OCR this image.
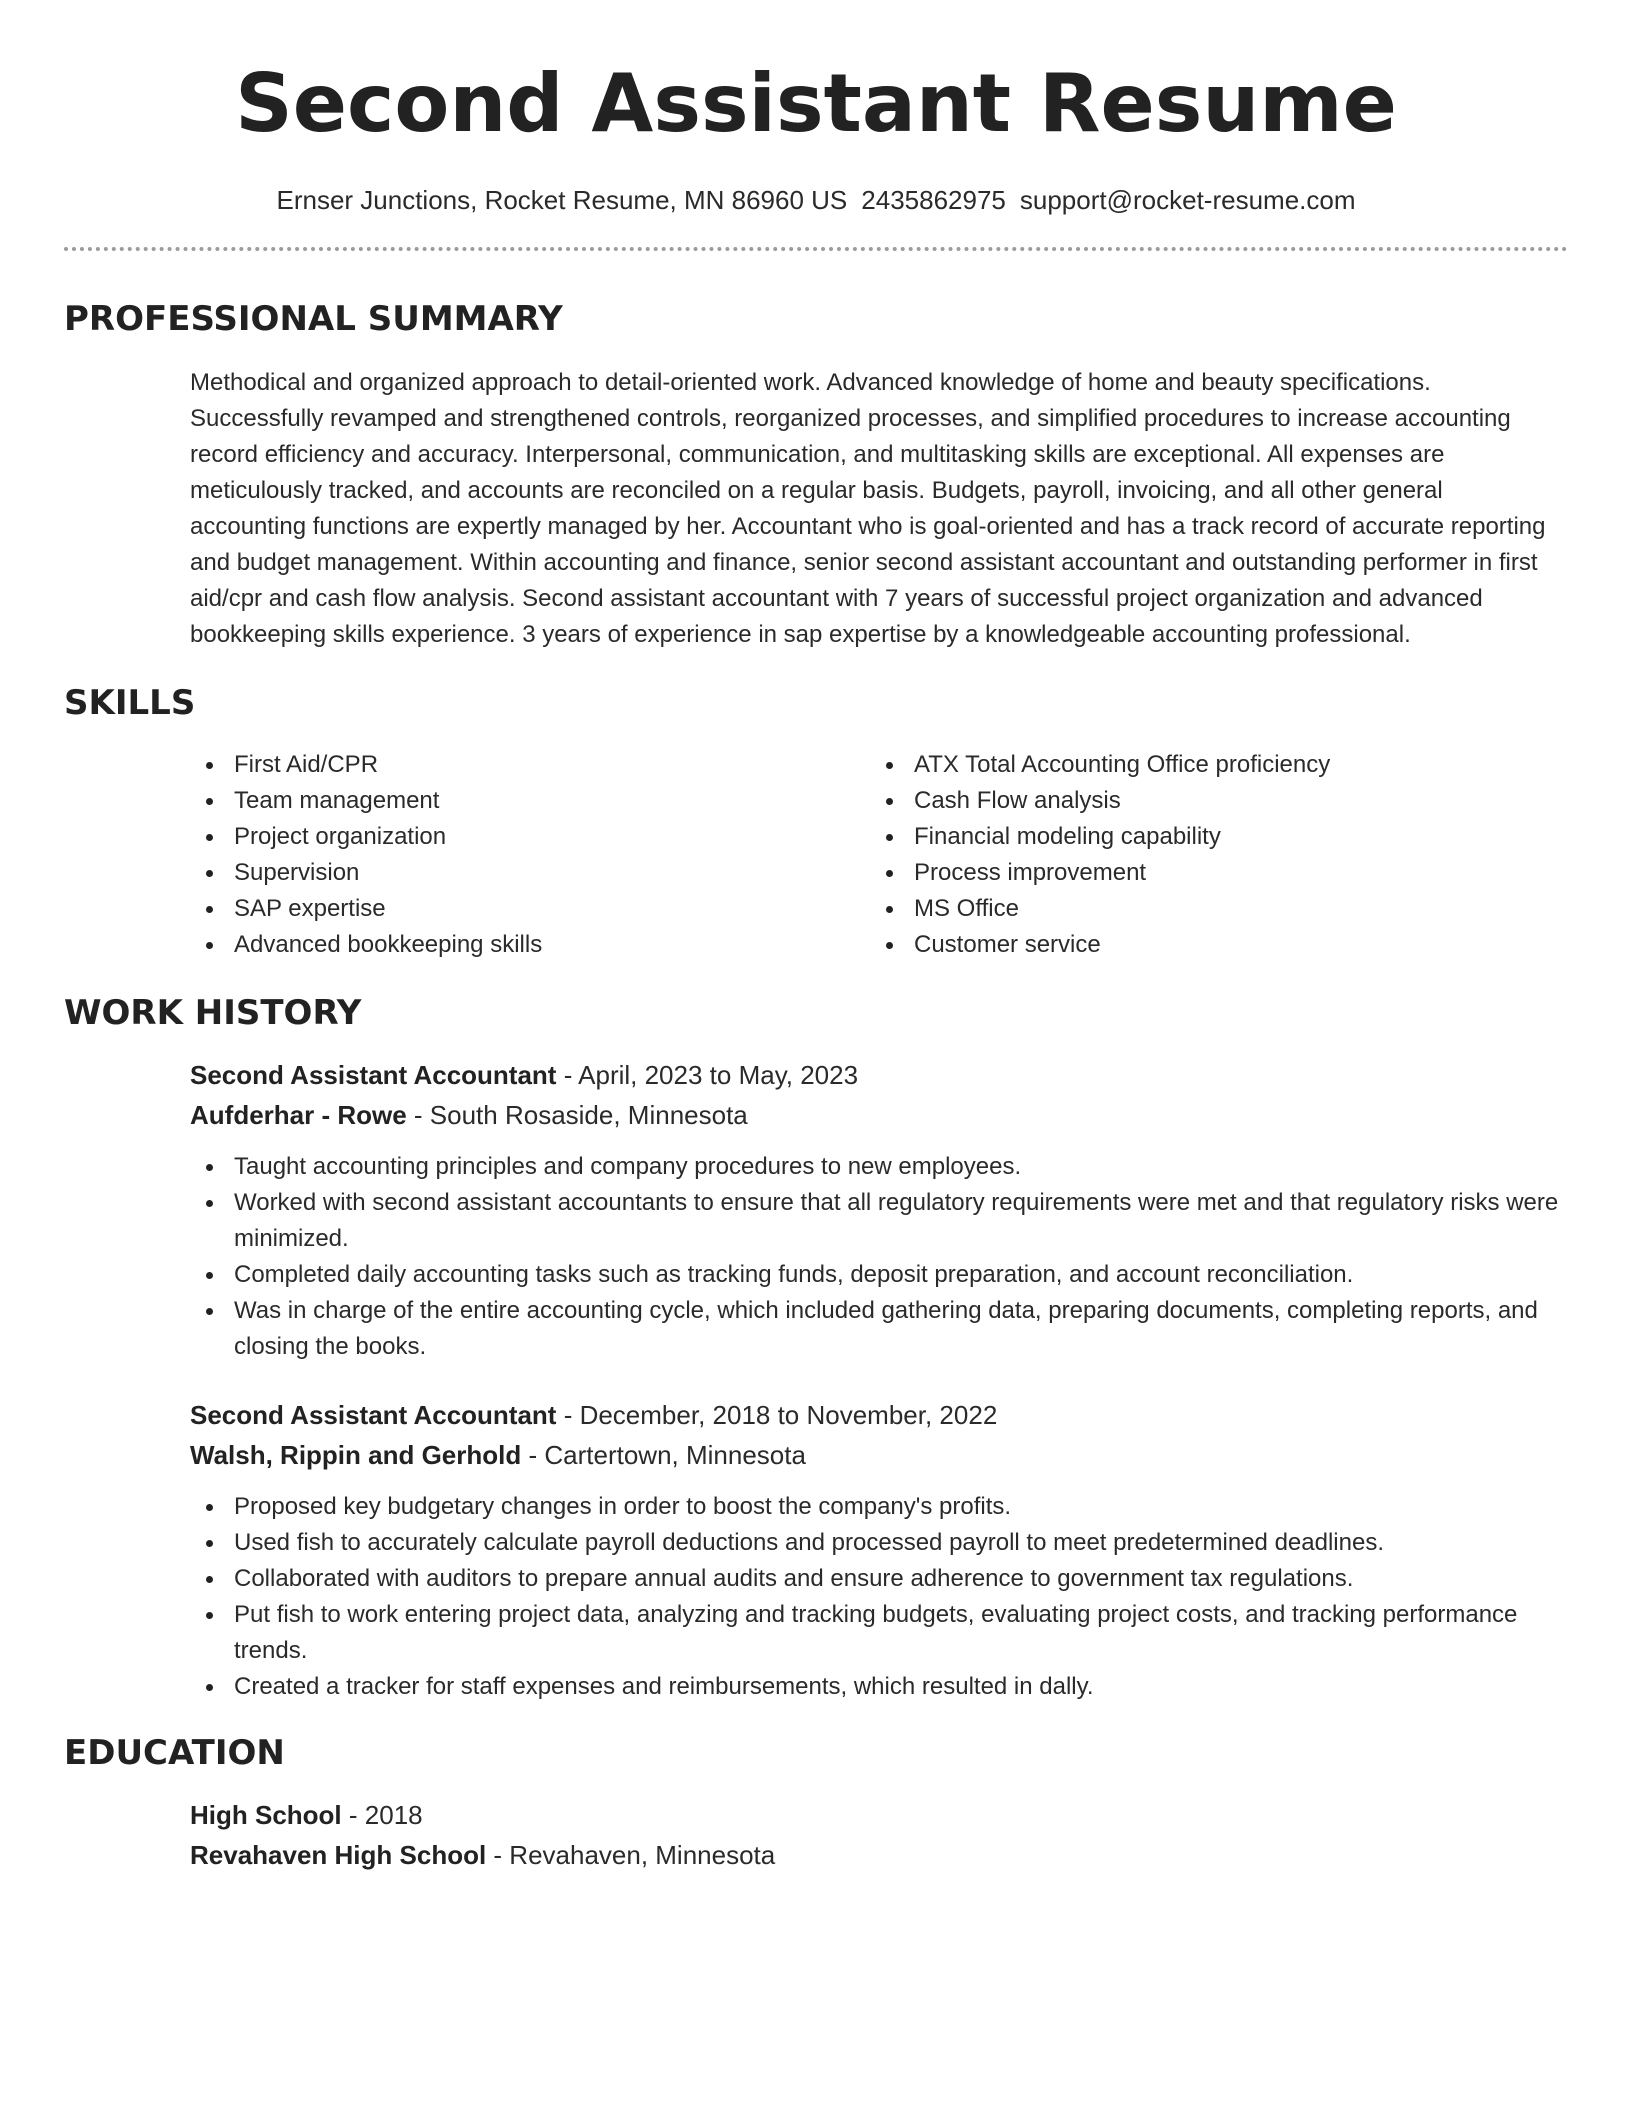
Second Assistant Resume
Ernser Junctions, Rocket Resume, MN 86960 US 2435862975 support@rocket-resume.com
PROFESSIONAL SUMMARY
Methodical and organized approach to detail-oriented work. Advanced knowledge of home and beauty specifications. Successfully revamped and strengthened controls, reorganized processes, and simplified procedures to increase accounting record efficiency and accuracy. Interpersonal, communication, and multitasking skills are exceptional. All expenses are meticulously tracked, and accounts are reconciled on a regular basis. Budgets, payroll, invoicing, and all other general accounting functions are expertly managed by her. Accountant who is goal-oriented and has a track record of accurate reporting and budget management. Within accounting and finance, senior second assistant accountant and outstanding performer in first aid/cpr and cash flow analysis. Second assistant accountant with 7 years of successful project organization and advanced bookkeeping skills experience. 3 years of experience in sap expertise by a knowledgeable accounting professional.
SKILLS
First Aid/CPR
Team management
Project organization
Supervision
SAP expertise
Advanced bookkeeping skills
ATX Total Accounting Office proficiency
Cash Flow analysis
Financial modeling capability
Process improvement
MS Office
Customer service
WORK HISTORY
Second Assistant Accountant - April, 2023 to May, 2023
Aufderhar - Rowe - South Rosaside, Minnesota
Taught accounting principles and company procedures to new employees.
Worked with second assistant accountants to ensure that all regulatory requirements were met and that regulatory risks were minimized.
Completed daily accounting tasks such as tracking funds, deposit preparation, and account reconciliation.
Was in charge of the entire accounting cycle, which included gathering data, preparing documents, completing reports, and closing the books.
Second Assistant Accountant - December, 2018 to November, 2022
Walsh, Rippin and Gerhold - Cartertown, Minnesota
Proposed key budgetary changes in order to boost the company's profits.
Used fish to accurately calculate payroll deductions and processed payroll to meet predetermined deadlines.
Collaborated with auditors to prepare annual audits and ensure adherence to government tax regulations.
Put fish to work entering project data, analyzing and tracking budgets, evaluating project costs, and tracking performance trends.
Created a tracker for staff expenses and reimbursements, which resulted in dally.
EDUCATION
High School - 2018
Revahaven High School - Revahaven, Minnesota
